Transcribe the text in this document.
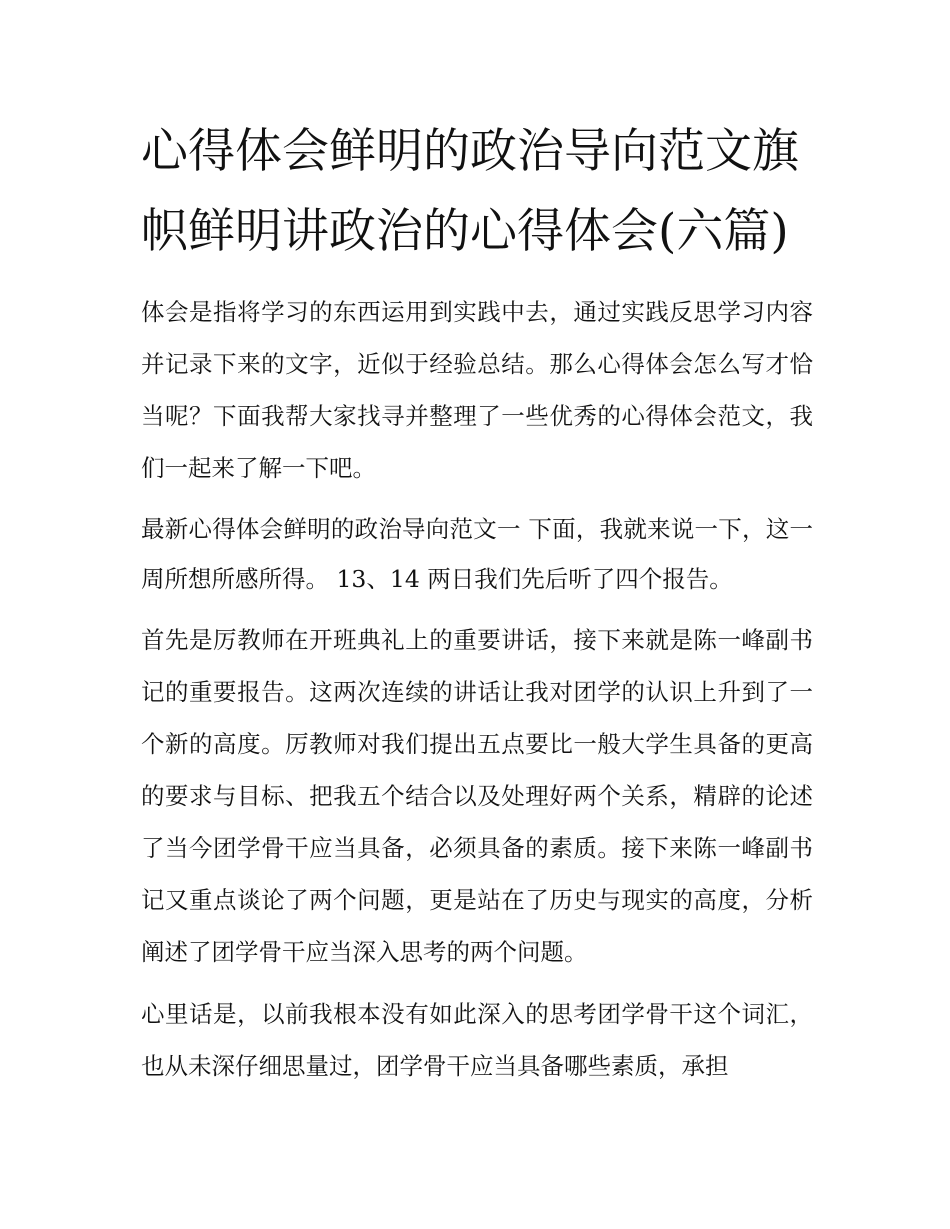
心得体会鲜明的政治导向范文旗帜鲜明讲政治的心得体会(六篇)

体会是指将学习的东西运用到实践中去，通过实践反思学习内容并记录下来的文字，近似于经验总结。那么心得体会怎么写才恰当呢？下面我帮大家找寻并整理了一些优秀的心得体会范文，我们一起来了解一下吧。

最新心得体会鲜明的政治导向范文一 下面，我就来说一下，这一周所想所感所得。 13、14 两日我们先后听了四个报告。

首先是厉教师在开班典礼上的重要讲话，接下来就是陈一峰副书记的重要报告。这两次连续的讲话让我对团学的认识上升到了一个新的高度。厉教师对我们提出五点要比一般大学生具备的更高的要求与目标、把我五个结合以及处理好两个关系，精辟的论述了当今团学骨干应当具备，必须具备的素质。接下来陈一峰副书记又重点谈论了两个问题，更是站在了历史与现实的高度，分析阐述了团学骨干应当深入思考的两个问题。

心里话是，以前我根本没有如此深入的思考团学骨干这个词汇，也从未深仔细思量过，团学骨干应当具备哪些素质，承担
